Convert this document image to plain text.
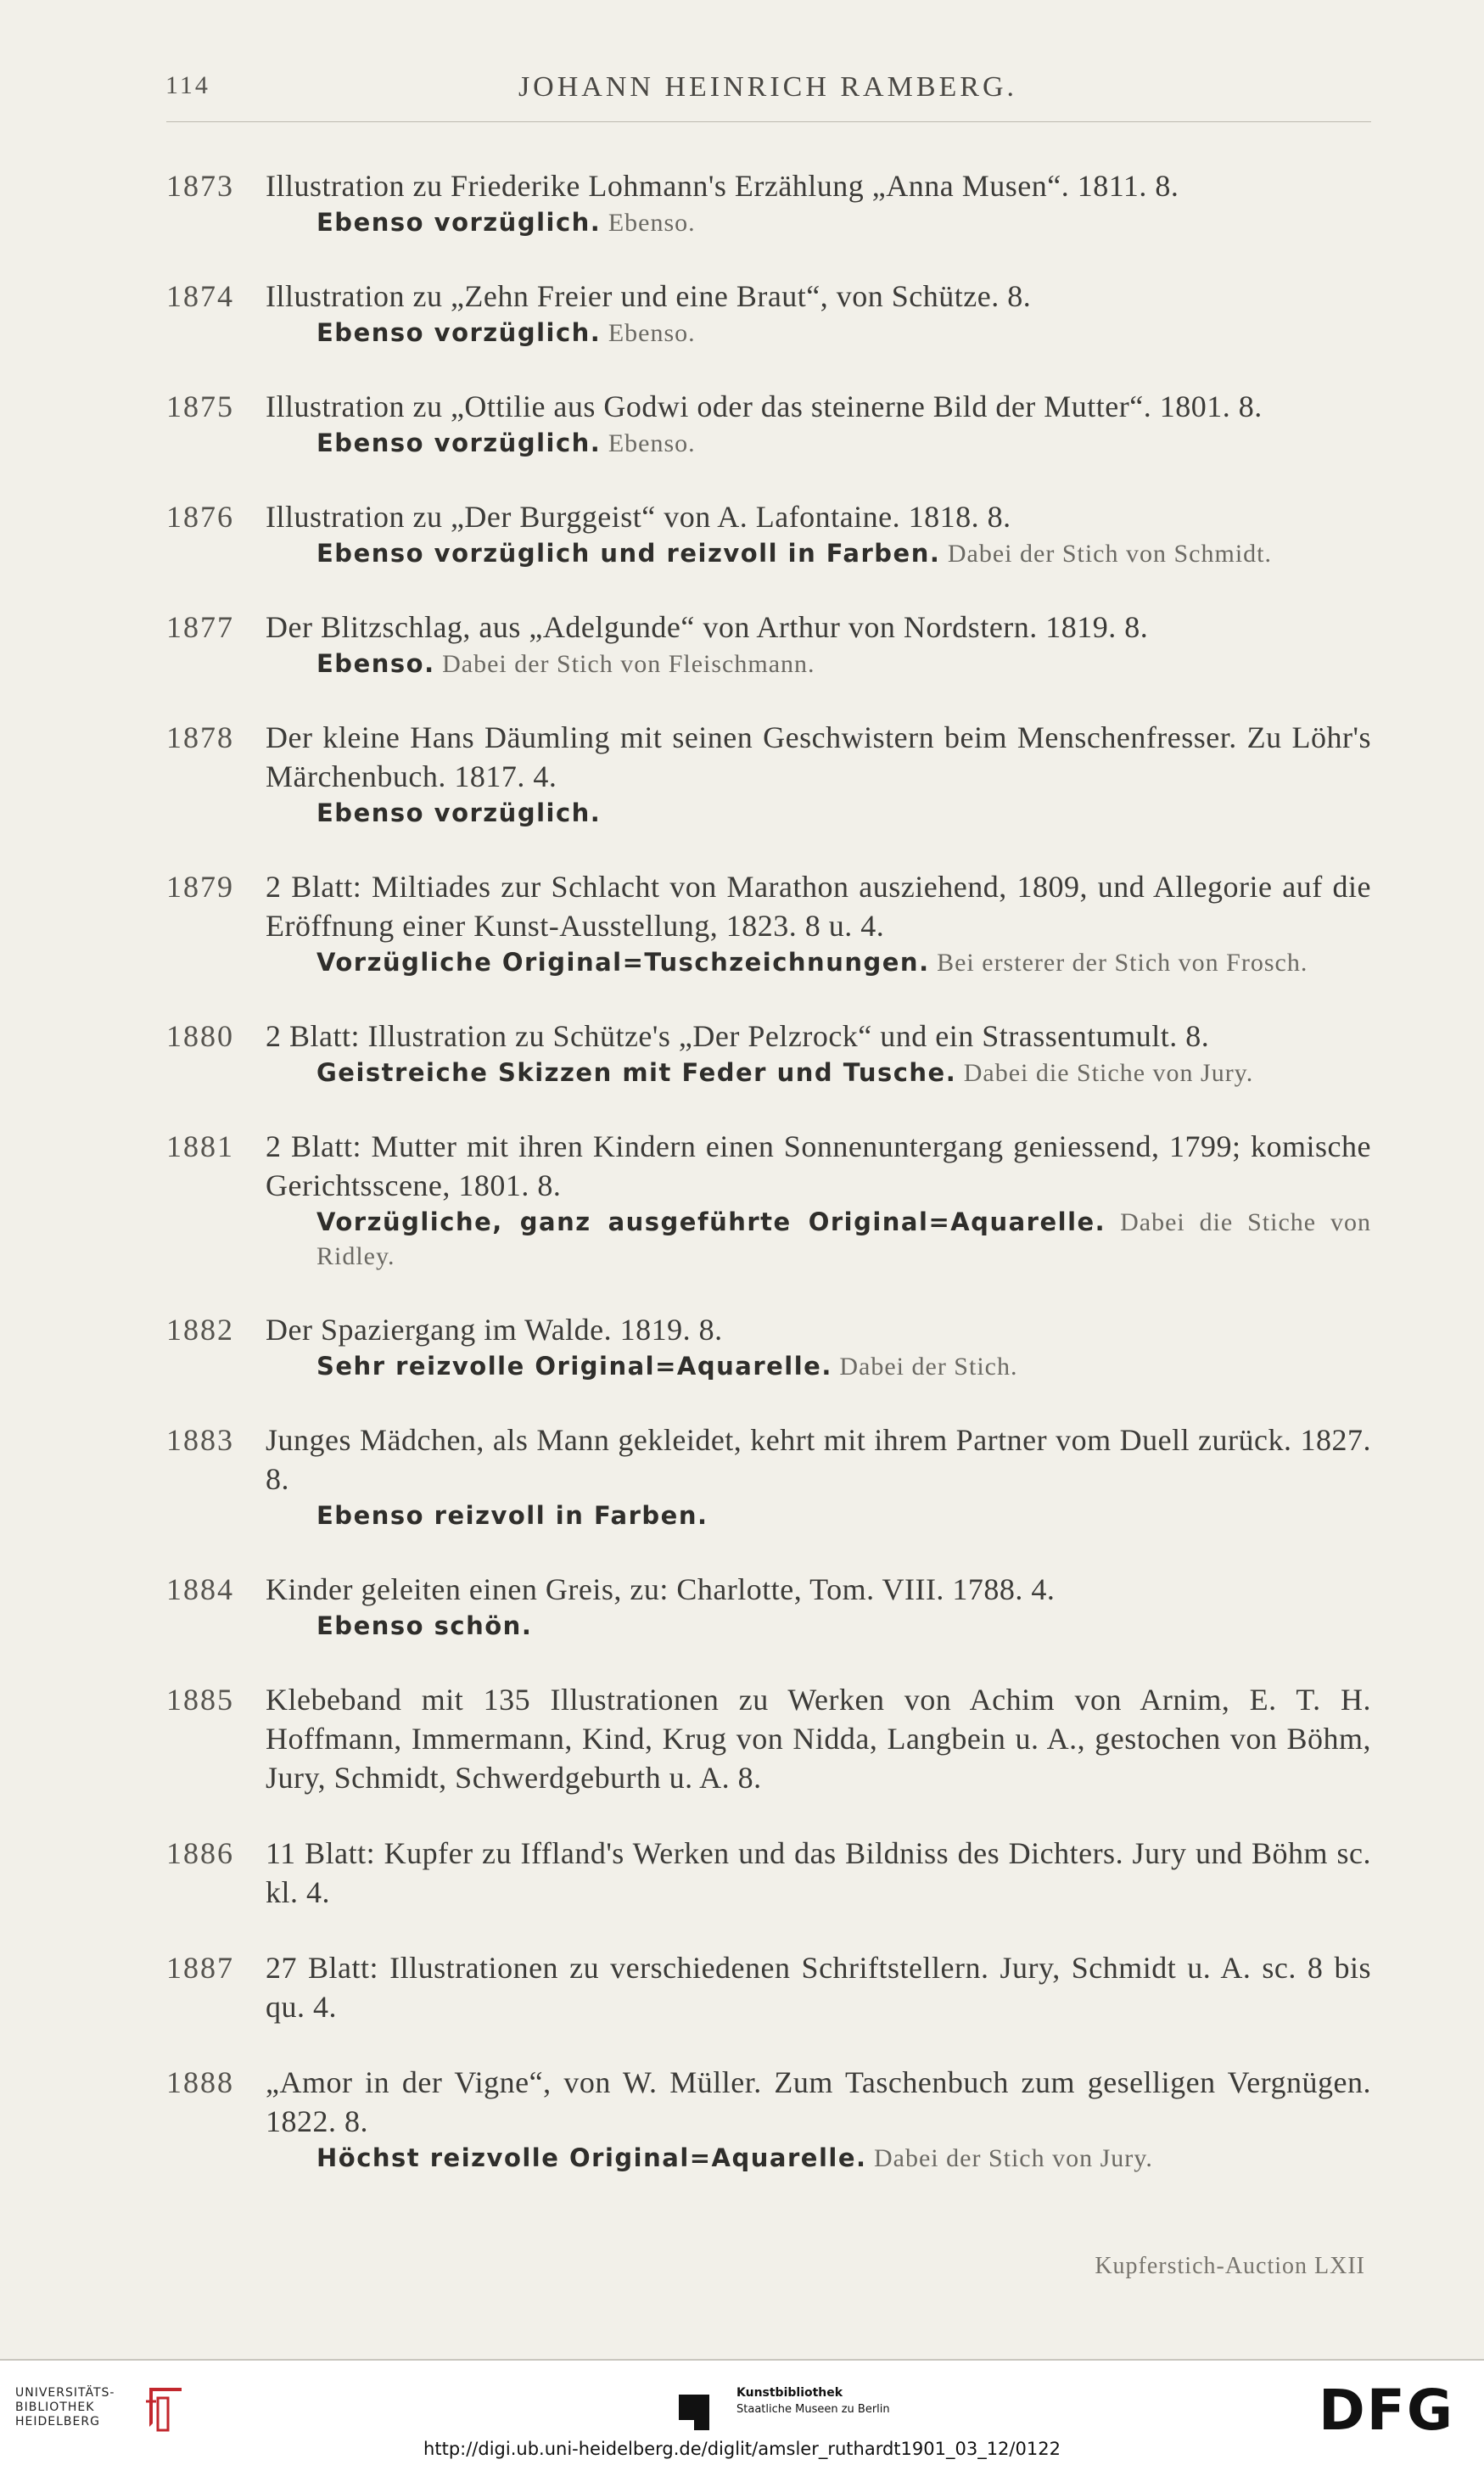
114	JOHANN HEINRICH RAMBERG.
1873	Illustration zu Friederike Lohmann's Erzählung „Anna Musen“. 1811. 8.
Ebenso vorzüglich. Ebenso.
1874	Illustration zu „Zehn Freier und eine Braut“, von Schütze. 8.
Ebenso vorzüglich. Ebenso.
1875	Illustration zu „Ottilie aus Godwi oder das steinerne Bild der Mutter“. 1801. 8.
Ebenso vorzüglich. Ebenso.
1876	Illustration zu „Der Burggeist“ von A. Lafontaine. 1818. 8.
Ebenso vorzüglich und reizvoll in Farben. Dabei der Stich von Schmidt.
1877	Der Blitzschlag, aus „Adelgunde“ von Arthur von Nordstern. 1819. 8.
Ebenso. Dabei der Stich von Fleischmann.
1878	Der kleine Hans Däumling mit seinen Geschwistern beim Menschenfresser. Zu Löhr's Märchenbuch. 1817. 4.
Ebenso vorzüglich.
1879	2 Blatt: Miltiades zur Schlacht von Marathon ausziehend, 1809, und Allegorie auf die Eröffnung einer Kunst-Ausstellung, 1823. 8 u. 4.
Vorzügliche Original=Tuschzeichnungen. Bei ersterer der Stich von Frosch.
1880	2 Blatt: Illustration zu Schütze's „Der Pelzrock“ und ein Strassentumult. 8.
Geistreiche Skizzen mit Feder und Tusche. Dabei die Stiche von Jury.
1881	2 Blatt: Mutter mit ihren Kindern einen Sonnenuntergang geniessend, 1799; komische Gerichtsscene, 1801. 8.
Vorzügliche, ganz ausgeführte Original=Aquarelle. Dabei die Stiche von Ridley.
1882	Der Spaziergang im Walde. 1819. 8.
Sehr reizvolle Original=Aquarelle. Dabei der Stich.
1883	Junges Mädchen, als Mann gekleidet, kehrt mit ihrem Partner vom Duell zurück. 1827. 8.
Ebenso reizvoll in Farben.
1884	Kinder geleiten einen Greis, zu: Charlotte, Tom. VIII. 1788. 4.
Ebenso schön.
1885	Klebeband mit 135 Illustrationen zu Werken von Achim von Arnim, E. T. H. Hoffmann, Immermann, Kind, Krug von Nidda, Langbein u. A., gestochen von Böhm, Jury, Schmidt, Schwerdgeburth u. A. 8.
1886	11 Blatt: Kupfer zu Iffland's Werken und das Bildniss des Dichters. Jury und Böhm sc. kl. 4.
1887	27 Blatt: Illustrationen zu verschiedenen Schriftstellern. Jury, Schmidt u. A. sc. 8 bis qu. 4.
1888	„Amor in der Vigne“, von W. Müller. Zum Taschenbuch zum geselligen Vergnügen. 1822. 8.
Höchst reizvolle Original=Aquarelle. Dabei der Stich von Jury.
Kupferstich-Auction LXII
UNIVERSITÄTS-
BIBLIOTHEK
HEIDELBERG
Kunstbibliothek
Staatliche Museen zu Berlin	DFG
http://digi.ub.uni-heidelberg.de/diglit/amsler_ruthardt1901_03_12/0122
